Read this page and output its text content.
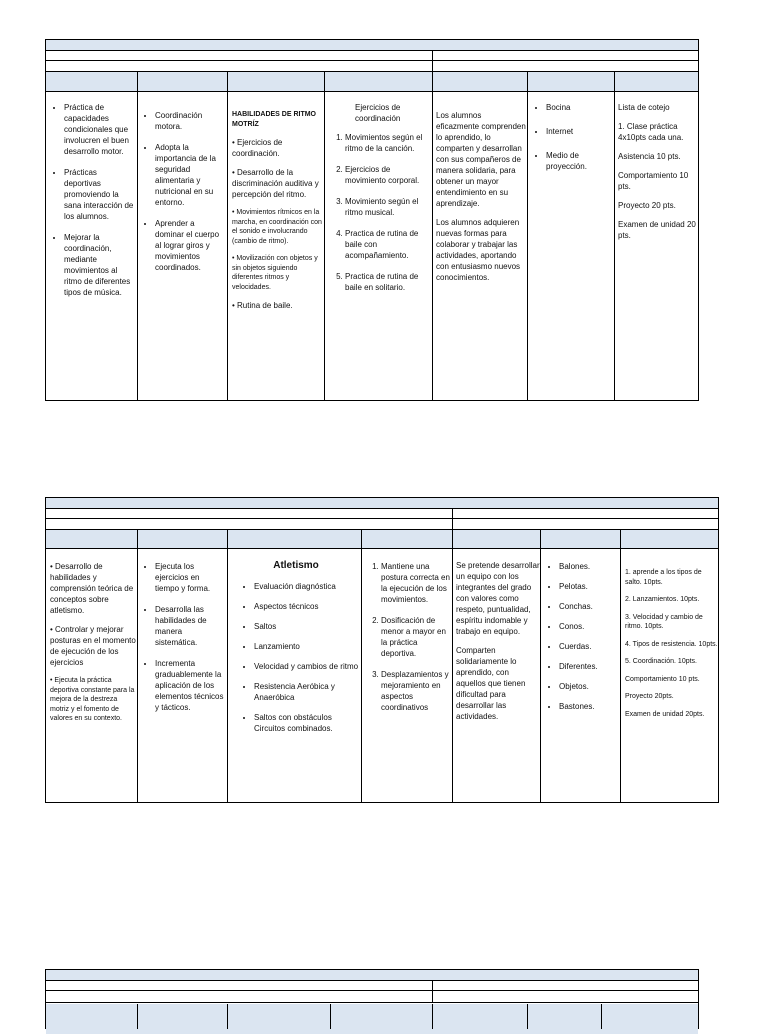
• Práctica de capacidades condicionales que involucren el buen desarrollo motor.
• Prácticas deportivas promoviendo la sana interacción de los alumnos.
• Mejorar la coordinación, mediante movimientos al ritmo de diferentes tipos de música.
• Coordinación motora.
• Adopta la importancia de la seguridad alimentaria y nutricional en su entorno.
• Aprender a dominar el cuerpo al lograr giros y movimientos coordinados.

HABILIDADES DE RITMO MOTRÍZ

• Ejercicios de coordinación.

• Desarrollo de la discriminación auditiva y percepción del ritmo.

• Movimientos rítmicos en la marcha, en coordinación con el sonido e involucrando (cambio de ritmo).

• Movilización con objetos y sin objetos siguiendo diferentes ritmos y velocidades.

• Rutina de baile.

Ejercicios de coordinación

1. Movimientos según el ritmo de la canción.
2. Ejercicios de movimiento corporal.
3. Movimiento según el ritmo musical.
4. Practica de rutina de baile con acompañamiento.
5. Practica de rutina de baile en solitario.

Los alumnos eficazmente comprenden lo aprendido, lo comparten y desarrollan con sus compañeros de manera solidaria, para obtener un mayor entendimiento en su aprendizaje.

Los alumnos adquieren nuevas formas para colaborar y trabajar las actividades, aportando con entusiasmo nuevos conocimientos.

• Bocina
• Internet
• Medio de proyección.

Lista de cotejo

1. Clase práctica 4x10pts cada una.

Asistencia 10 pts.

Comportamiento 10 pts.

Proyecto 20 pts.

Examen de unidad 20 pts.

• Desarrollo de habilidades y comprensión teórica de conceptos sobre atletismo.

• Controlar y mejorar posturas en el momento de ejecución de los ejercicios

• Ejecuta la práctica deportiva constante para la mejora de la destreza motriz y el fomento de valores en su contexto.

• Ejecuta los ejercicios en tiempo y forma.
• Desarrolla las habilidades de manera sistemática.
• Incrementa graduablemente la aplicación de los elementos técnicos y tácticos.
Atletismo
• Evaluación diagnóstica
• Aspectos técnicos
• Saltos
• Lanzamiento
• Velocidad y cambios de ritmo
• Resistencia Aeróbica y Anaeróbica
• Saltos con obstáculos Circuitos combinados.
1. Mantiene una postura correcta en la ejecución de los movimientos.
2. Dosificación de menor a mayor en la práctica deportiva.
3. Desplazamientos y mejoramiento en aspectos coordinativos

Se pretende desarrollar un equipo con los integrantes del grado con valores como respeto, puntualidad, espíritu indomable y trabajo en equipo.

Comparten solidariamente lo aprendido, con aquellos que tienen dificultad para desarrollar las actividades.

• Balones.
• Pelotas.
• Conchas.
• Conos.
• Cuerdas.
• Diferentes.
• Objetos.
• Bastones.

1. aprende a los tipos de salto. 10pts.

2. Lanzamientos. 10pts.

3. Velocidad y cambio de ritmo. 10pts.

4. Tipos de resistencia. 10pts.

5. Coordinación. 10pts.

Comportamiento 10 pts.

Proyecto 20pts.

Examen de unidad 20pts.
